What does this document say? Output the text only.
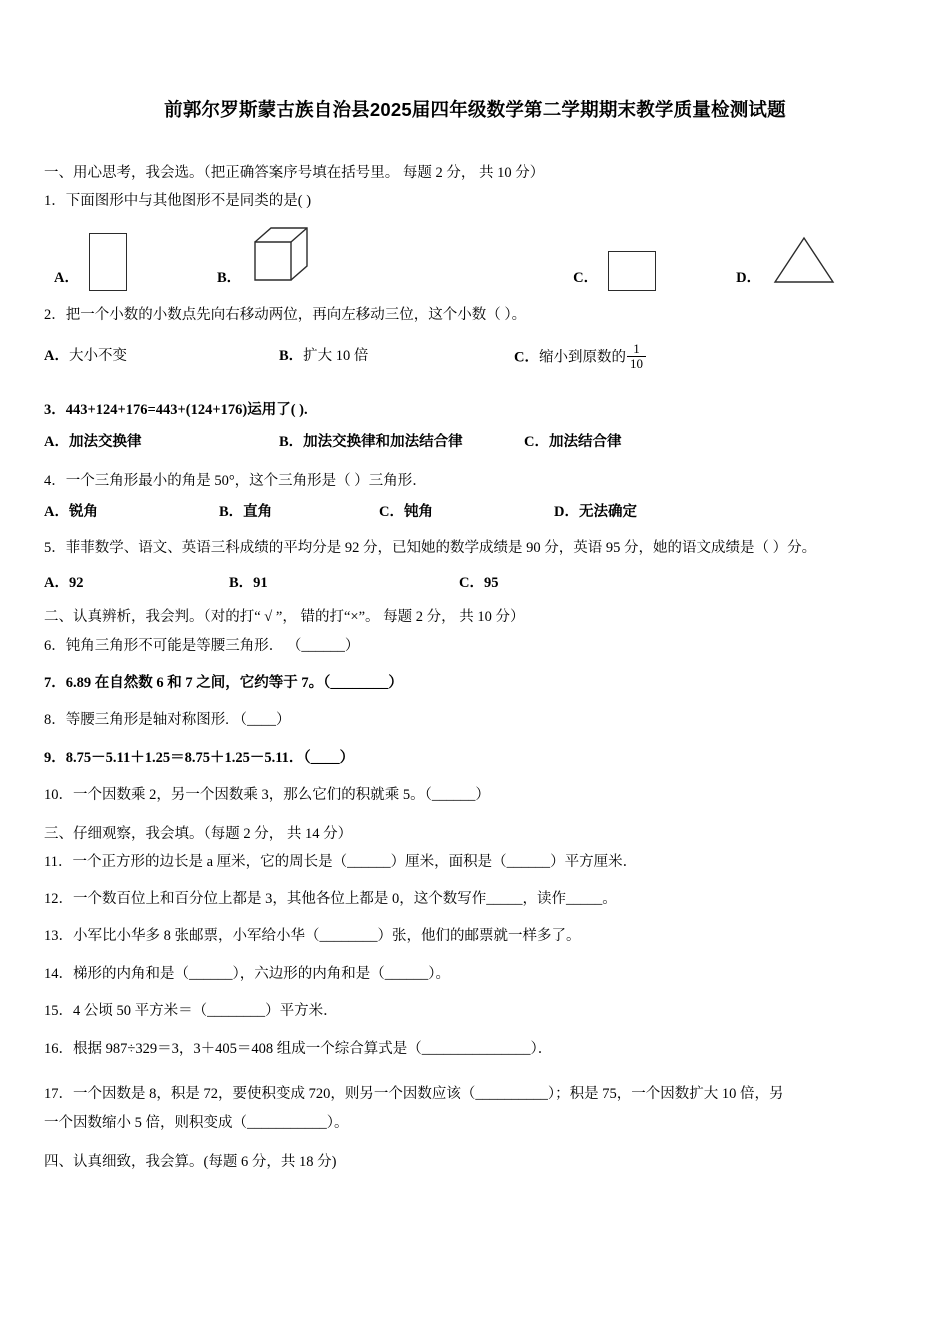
前郭尔罗斯蒙古族自治县2025届四年级数学第二学期期末教学质量检测试题
一、用心思考，我会选。（把正确答案序号填在括号里。 每题 2 分， 共 10 分）
1．下面图形中与其他图形不是同类的是( )
A．	B．	C．	D．
2．把一个小数的小数点先向右移动两位，再向左移动三位，这个小数（ ）。
A．大小不变	B．扩大 10 倍	C．缩小到原数的 $\frac{1}{10}$
3．443+124+176=443+(124+176)运用了( ).
A．加法交换律	B．加法交换律和加法结合律	C．加法结合律
4．一个三角形最小的角是 50°，这个三角形是（ ）三角形．
A．锐角	B．直角	C．钝角	D．无法确定
5．菲菲数学、语文、英语三科成绩的平均分是 92 分，已知她的数学成绩是 90 分，英语 95 分，她的语文成绩是（ ）分。
A．92	B．91	C．95
二、认真辨析，我会判。（对的打“ √ ”， 错的打“×”。 每题 2 分， 共 10 分）
6．钝角三角形不可能是等腰三角形． （______）
7．6.89 在自然数 6 和 7 之间，它约等于 7。（________）
8．等腰三角形是轴对称图形. （____）
9．8.75－5.11＋1.25＝8.75＋1.25－5.11．（____）
10．一个因数乘 2，另一个因数乘 3，那么它们的积就乘 5。（______）
三、仔细观察，我会填。（每题 2 分， 共 14 分）
11．一个正方形的边长是 a 厘米，它的周长是（______）厘米，面积是（______）平方厘米．
12．一个数百位上和百分位上都是 3，其他各位上都是 0，这个数写作_____，读作_____。
13．小军比小华多 8 张邮票，小军给小华（________）张，他们的邮票就一样多了。
14．梯形的内角和是（______），六边形的内角和是（______）。
15．4 公顷 50 平方米＝（________）平方米．
16．根据 987÷329＝3，3＋405＝408 组成一个综合算式是（_______________）．
17．一个因数是 8，积是 72，要使积变成 720，则另一个因数应该（__________）；积是 75，一个因数扩大 10 倍，另
一个因数缩小 5 倍，则积变成（___________）。
四、认真细致，我会算。(每题 6 分，共 18 分)
